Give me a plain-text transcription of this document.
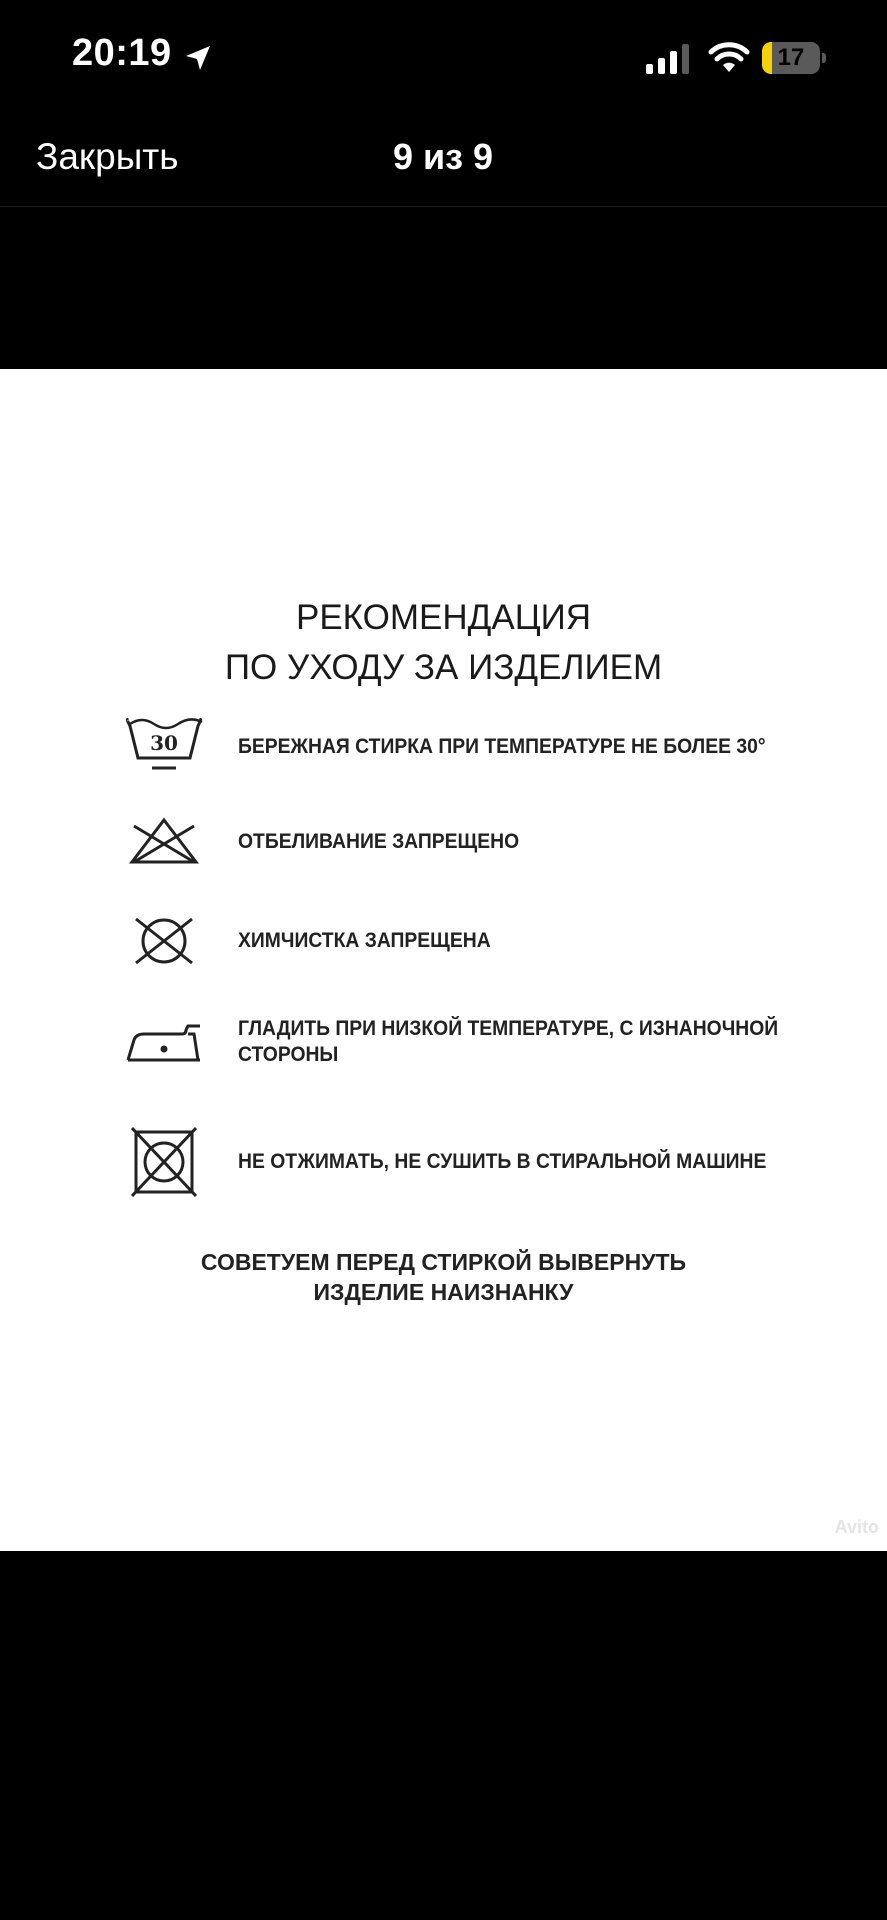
20:19	17
Закрыть	9 из 9
РЕКОМЕНДАЦИЯ
ПО УХОДУ ЗА ИЗДЕЛИЕМ
30	БЕРЕЖНАЯ СТИРКА ПРИ ТЕМПЕРАТУРЕ НЕ БОЛЕЕ 30°
ОТБЕЛИВАНИЕ ЗАПРЕЩЕНО
ХИМЧИСТКА ЗАПРЕЩЕНА
ГЛАДИТЬ ПРИ НИЗКОЙ ТЕМПЕРАТУРЕ, С ИЗНАНОЧНОЙ
СТОРОНЫ
НЕ ОТЖИМАТЬ, НЕ СУШИТЬ В СТИРАЛЬНОЙ МАШИНЕ
СОВЕТУЕМ ПЕРЕД СТИРКОЙ ВЫВЕРНУТЬ
ИЗДЕЛИЕ НАИЗНАНКУ
Avito
